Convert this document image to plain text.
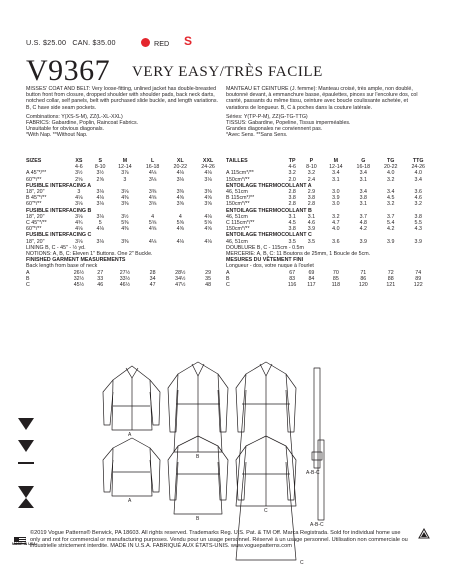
U.S. $25.00 CAN. $35.00	RED S
V9367 VERY EASY/TRÈS FACILE

MISSES' COAT AND BELT: Very loose-fitting, unlined jacket has double-breasted button front from closure, dropped shoulder with shoulder pads, back neck darts, notched collar, self panels, belt with purchased slide buckle, and length variations. B, C have side seam pockets.

Combinations: Y(XS-S-M), ZZ(L-XL-XXL)

FABRICS: Gabardine, Poplin, Raincoat Fabrics.

Unsuitable for obvious diagonals.

*With Nap. **Without Nap.

SIZES	XS	S	M	L	XL	XXL
	4-6	8-10	12-14	16-18	20-22	24-26
A 45"*/**	3½	3½	3⅞	4⅛	4⅛	4⅛
60"*/**	2⅝	2⅝	3	3⅛	3⅛	3⅛
FUSIBLE INTERFACING A						
18", 20"	3	3⅛	3⅛	3⅜	3⅜	3⅜
B 45"*/**	4⅛	4⅛	4⅜	4⅝	4⅝	4⅝
60"*/**	3⅛	3⅛	3⅜	3⅝	3⅝	3⅝
FUSIBLE INTERFACING B						
18", 20"	3⅛	3⅛	3½	4	4	4⅛
C 45"*/**	4¾	5	5⅜	5⅝	5⅝	5⅝
60"*/**	4⅛	4⅛	4⅜	4⅝	4⅝	4⅝
FUSIBLE INTERFACING C						
18", 20"	3⅛	3⅛	3⅜	4⅛	4⅛	4⅛
LINING B, C - 45" - ½ yd.						
NOTIONS: A, B, C: Eleven 1" Buttons. One 2" Buckle.						
FINISHED GARMENT MEASUREMENTS						
Back length from base of neck						
A	26½	27	27½	28	28½	29
B	32½	33	33½	34	34½	35
C	45½	46	46½	47	47½	48

MANTEAU ET CEINTURE (J. femme): Manteau croisé, très ample, non doublé, boutonné devant, à emmanchure basse, épaulettes, pinces sur l'encolure dos, col cranté, passants du même tissu, ceinture avec boucle coulissante achetée, et variations de longueur. B, C à poches dans la couture latérale.

Séries: Y(TP-P-M), ZZ(G-TG-TTG)

TISSUS: Gabardine, Popeline, Tissus imperméables.

Grandes diagonales ne conviennent pas.

*Avec Sens. **Sans Sens.

TAILLES	TP	P	M	G	TG	TTG
	4-6	8-10	12-14	16-18	20-22	24-26
A 115cm*/**	3.2	3.2	3.4	3.4	4.0	4.0
150cm*/**	2.0	2.4	3.1	3.1	3.2	3.4
ENTOILAGE THERMOCOLLANT A						
46, 51cm	2.8	2.9	3.0	3.4	3.4	3.6
B 115cm*/**	3.8	3.8	3.9	3.8	4.5	4.6
150cm*/**	2.8	2.8	3.0	3.1	3.2	3.2
ENTOILAGE THERMOCOLLANT B						
46, 51cm	3.1	3.1	3.2	3.7	3.7	3.8
C 115cm*/**	4.5	4.6	4.7	4.8	5.4	5.5
150cm*/**	3.8	3.9	4.0	4.2	4.2	4.3
ENTOILAGE THERMOCOLLANT C						
46, 51cm	3.5	3.5	3.6	3.9	3.9	3.9
DOUBLURE B, C - 115cm - 0.5m						
MERCERIE: A, B, C: 11 Boutons de 25mm, 1 Boucle de 5cm.						
MESURES DU VÊTEMENT FINI						
Longueur - dos, votre nuque à l'ourlet						
A	67	69	70	71	72	74
B	83	84	85	86	88	89
C	116	117	118	120	121	122
A
B
C
A-B-C
A
B
C
A-B-C
MADE IN USA
©2019 Vogue Patterns® Berwick, PA 18603. All rights reserved. Trademarks Reg. U.S. Pat. & TM Off. Marca Registrada. Sold for individual home use only and not for commercial or manufacturing purposes. Vendu pour un usage personnel. Réservé à un usage personnel. Utilisation non commerciale ou industrielle strictement interdite. MADE IN U.S.A. FABRIQUÉ AUX ÉTATS-UNIS. www.voguepatterns.com
